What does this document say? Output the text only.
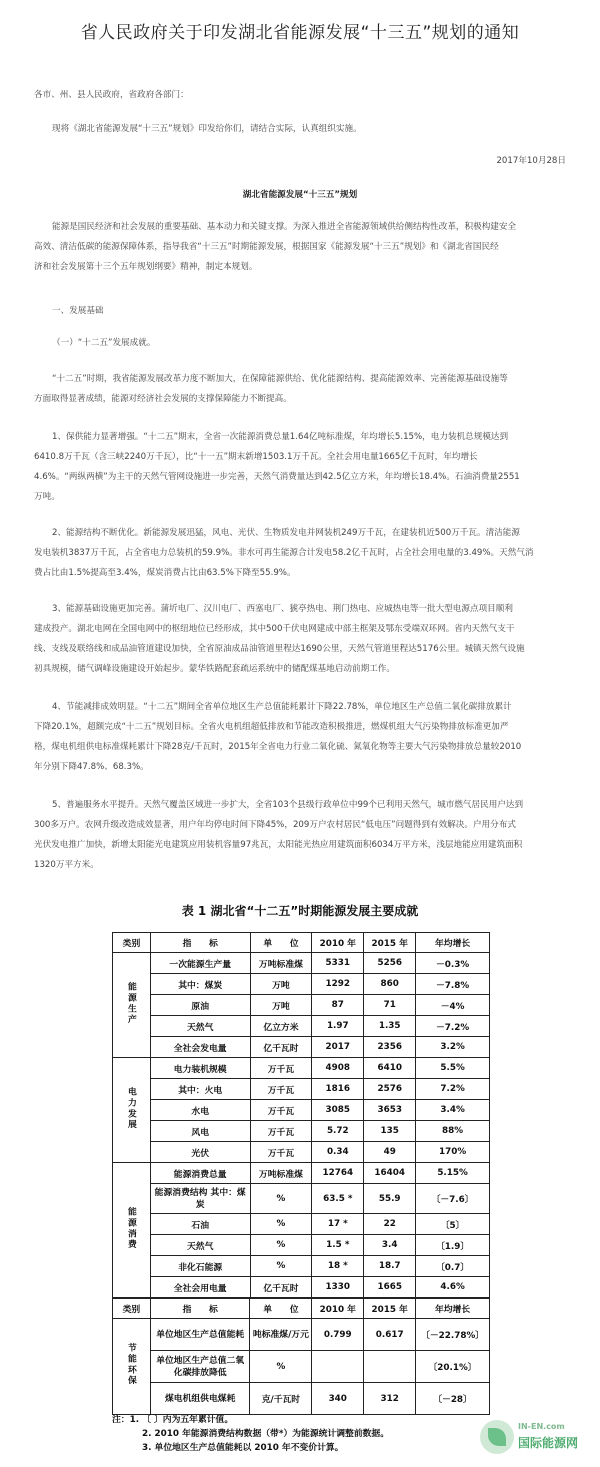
省人民政府关于印发湖北省能源发展“十三五”规划的通知
各市、州、县人民政府，省政府各部门：
现将《湖北省能源发展“十三五”规划》印发给你们，请结合实际，认真组织实施。
2017年10月28日
湖北省能源发展“十三五”规划
能源是国民经济和社会发展的重要基础、基本动力和关键支撑。为深入推进全省能源领域供给侧结构性改革，积极构建安全
高效、清洁低碳的能源保障体系，指导我省“十三五”时期能源发展，根据国家《能源发展“十三五”规划》和《湖北省国民经
济和社会发展第十三个五年规划纲要》精神，制定本规划。
一、发展基础
（一）“十二五”发展成就。
“十二五”时期，我省能源发展改革力度不断加大，在保障能源供给、优化能源结构、提高能源效率、完善能源基础设施等
方面取得显著成绩，能源对经济社会发展的支撑保障能力不断提高。
1、保供能力显著增强。“十二五”期末，全省一次能源消费总量1.64亿吨标准煤，年均增长5.15%，电力装机总规模达到
6410.8万千瓦（含三峡2240万千瓦），比“十一五”期末新增1503.1万千瓦。全社会用电量1665亿千瓦时，年均增长
4.6%。“两纵两横”为主干的天然气管网设施进一步完善，天然气消费量达到42.5亿立方米，年均增长18.4%。石油消费量2551
万吨。
2、能源结构不断优化。新能源发展迅猛，风电、光伏、生物质发电并网装机249万千瓦，在建装机近500万千瓦。清洁能源
发电装机3837万千瓦，占全省电力总装机的59.9%。非水可再生能源合计发电58.2亿千瓦时，占全社会用电量的3.49%。天然气消
费占比由1.5%提高至3.4%，煤炭消费占比由63.5%下降至55.9%。
3、能源基础设施更加完善。蒲圻电厂、汉川电厂、西塞电厂、猇亭热电、荆门热电、应城热电等一批大型电源点项目顺利
建成投产。湖北电网在全国电网中的枢纽地位已经形成，其中500千伏电网建成中部主框架及鄂东受端双环网。省内天然气支干
线、支线及联络线和成品油管道建设加快，全省原油成品油管道里程达1690公里，天然气管道里程达5176公里。城镇天然气设施
初具规模，储气调峰设施建设开始起步。蒙华铁路配套疏运系统中的储配煤基地启动前期工作。
4、节能减排成效明显。“十二五”期间全省单位地区生产总值能耗累计下降22.78%，单位地区生产总值二氧化碳排放累计
下降20.1%，超额完成“十二五”规划目标。全省火电机组超低排放和节能改造积极推进，燃煤机组大气污染物排放标准更加严
格，煤电机组供电标准煤耗累计下降28克/千瓦时，2015年全省电力行业二氧化硫、氮氧化物等主要大气污染物排放总量较2010
年分别下降47.8%、68.3%。
5、普遍服务水平提升。天然气覆盖区域进一步扩大，全省103个县级行政单位中99个已利用天然气，城市燃气居民用户达到
300多万户。农网升级改造成效显著，用户年均停电时间下降45%，209万户农村居民“低电压”问题得到有效解决。户用分布式
光伏发电推广加快，新增太阳能光电建筑应用装机容量97兆瓦，太阳能光热应用建筑面积6034万平方米，浅层地能应用建筑面积
1320万平方米。
表 1 湖北省“十二五”时期能源发展主要成就
类别	指　　标	单　　位	2010 年	2015 年	年均增长
能源生产	一次能源生产量	万吨标准煤	5331	5256	－0.3%
	其中：煤炭	万吨	1292	860	－7.8%
	原油	万吨	87	71	－4%
	天然气	亿立方米	1.97	1.35	－7.2%
	全社会发电量	亿千瓦时	2017	2356	3.2%
电力发展	电力装机规模	万千瓦	4908	6410	5.5%
	其中：火电	万千瓦	1816	2576	7.2%
	水电	万千瓦	3085	3653	3.4%
	风电	万千瓦	5.72	135	88%
	光伏	万千瓦	0.34	49	170%
能源消费	能源消费总量	万吨标准煤	12764	16404	5.15%
	能源消费结构 其中：煤炭	%	63.5 *	55.9	〔－7.6〕
	石油	%	17 *	22	〔5〕
	天然气	%	1.5 *	3.4	〔1.9〕
	非化石能源	%	18 *	18.7	〔0.7〕
	全社会用电量	亿千瓦时	1330	1665	4.6%
类别	指　　标	单　　位	2010 年	2015 年	年均增长
节能环保	单位地区生产总值能耗	吨标准煤/万元	0.799	0.617	〔－22.78%〕
	单位地区生产总值二氧化碳排放降低	%			〔20.1%〕
	煤电机组供电煤耗	克/千瓦时	340	312	〔－28〕
注：1. 〔 〕内为五年累计值。
2. 2010 年能源消费结构数据（带*）为能源统计调整前数据。
3. 单位地区生产总值能耗以 2010 年不变价计算。
IN-EN.com
国际能源网
